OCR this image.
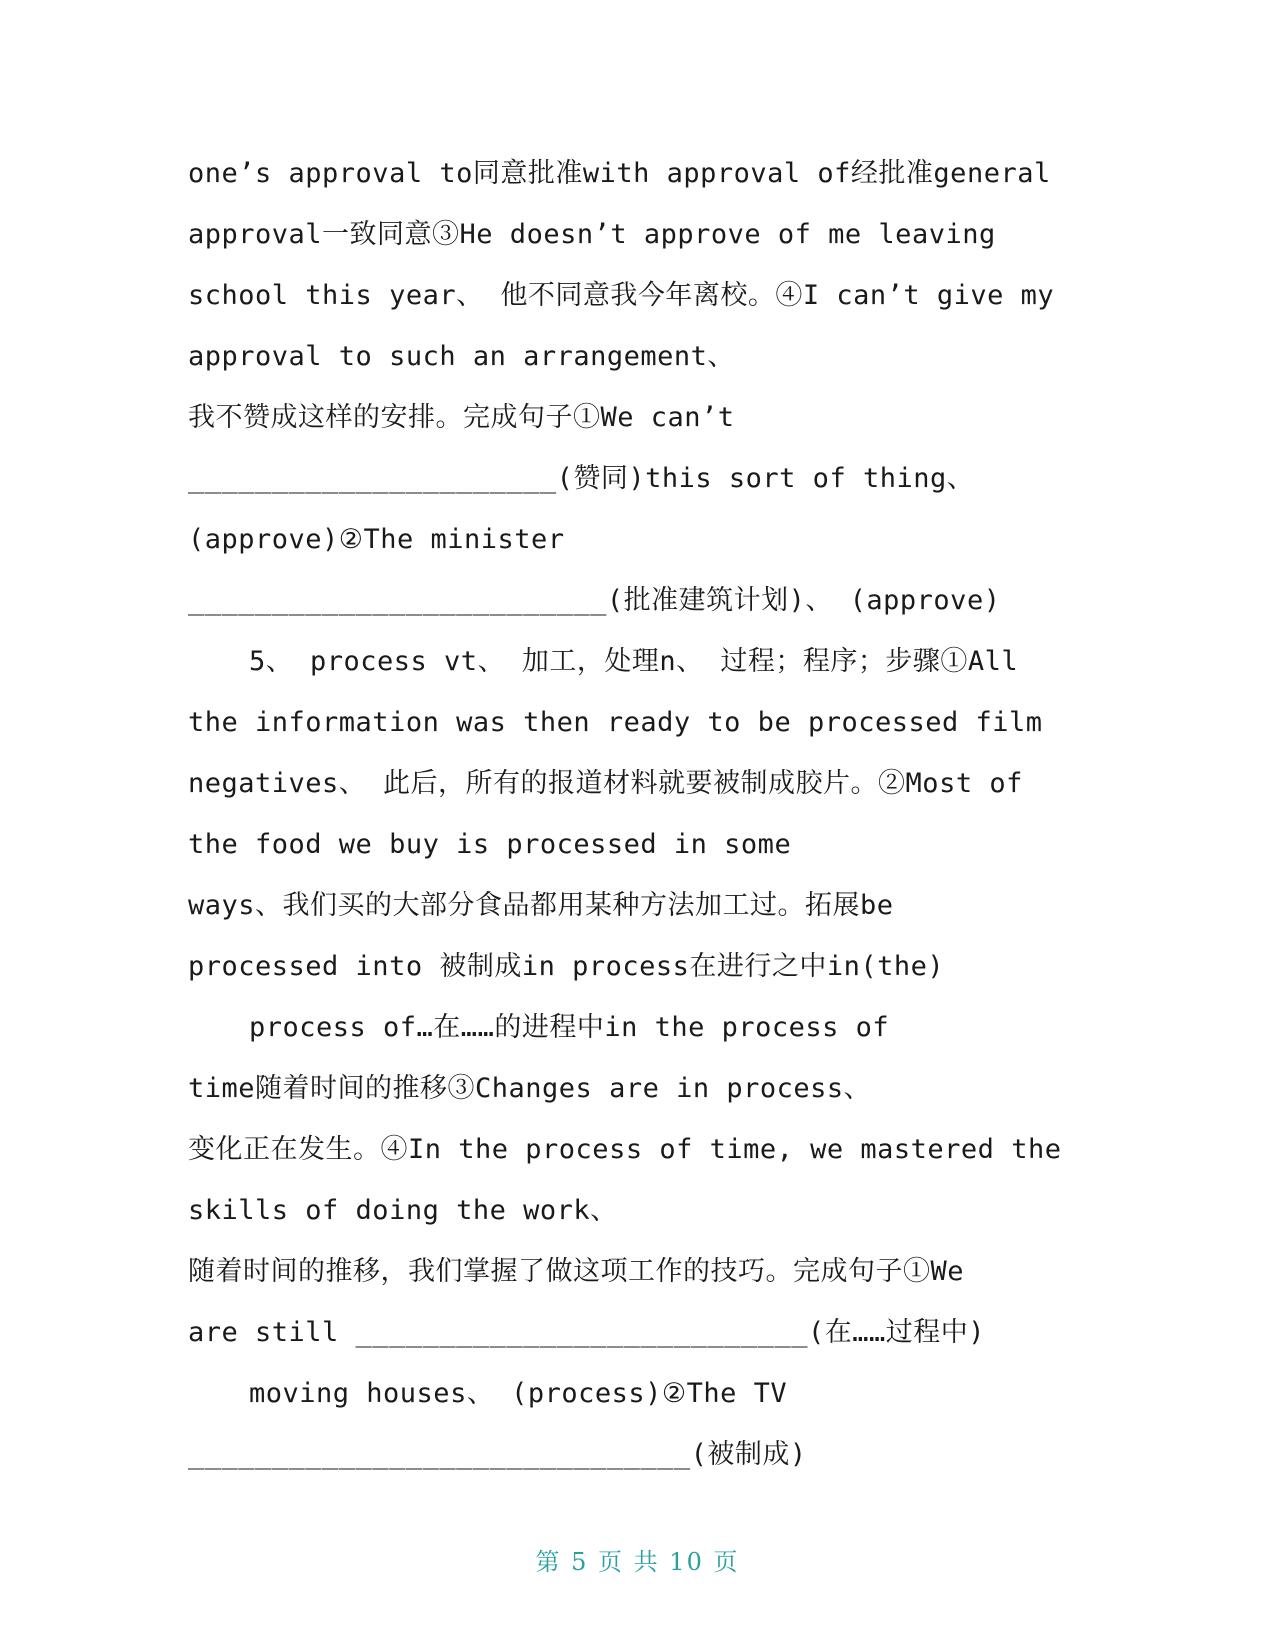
one’s approval to同意批准with approval of经批准general
approval一致同意③He doesn’t approve of me leaving
school this year、 他不同意我今年离校。④I can’t give my
approval to such an arrangement、
我不赞成这样的安排。完成句子①We can’t
______________________(赞同)this sort of thing、
(approve)②The minister
_________________________(批准建筑计划)、 (approve)
5、 process vt、 加工，处理n、 过程；程序；步骤①All
the information was then ready to be processed film
negatives、 此后，所有的报道材料就要被制成胶片。②Most of
the food we buy is processed in some
ways、我们买的大部分食品都用某种方法加工过。拓展be
processed into 被制成in process在进行之中in(the)
process of…在……的进程中in the process of
time随着时间的推移③Changes are in process、
变化正在发生。④In the process of time, we mastered the
skills of doing the work、
随着时间的推移，我们掌握了做这项工作的技巧。完成句子①We
are still ___________________________(在……过程中)
moving houses、 (process)②The TV
______________________________(被制成)
第 5 页 共 10 页
